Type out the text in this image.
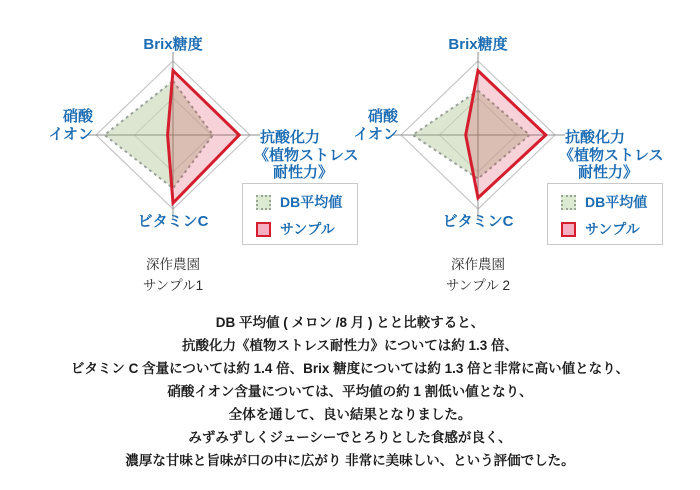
Brix糖度
硝酸
イオン	抗酸化力
《植物ストレス
耐性力》
ビタミンC
DB平均値
サンプル
深作農園
サンプル1
Brix糖度
硝酸
イオン	抗酸化力
《植物ストレス
耐性力》
ビタミンC
DB平均値
サンプル
深作農園
サンプル 2

DB 平均値 ( メロン /8 月 ) とと比較すると、

抗酸化力《植物ストレス耐性力》については約 1.3 倍、

ビタミン C 含量については約 1.4 倍、Brix 糖度については約 1.3 倍と非常に高い値となり、

硝酸イオン含量については、平均値の約 1 割低い値となり、

全体を通して、良い結果となりました。

みずみずしくジューシーでとろりとした食感が良く、

濃厚な甘味と旨味が口の中に広がり 非常に美味しい、という評価でした。
